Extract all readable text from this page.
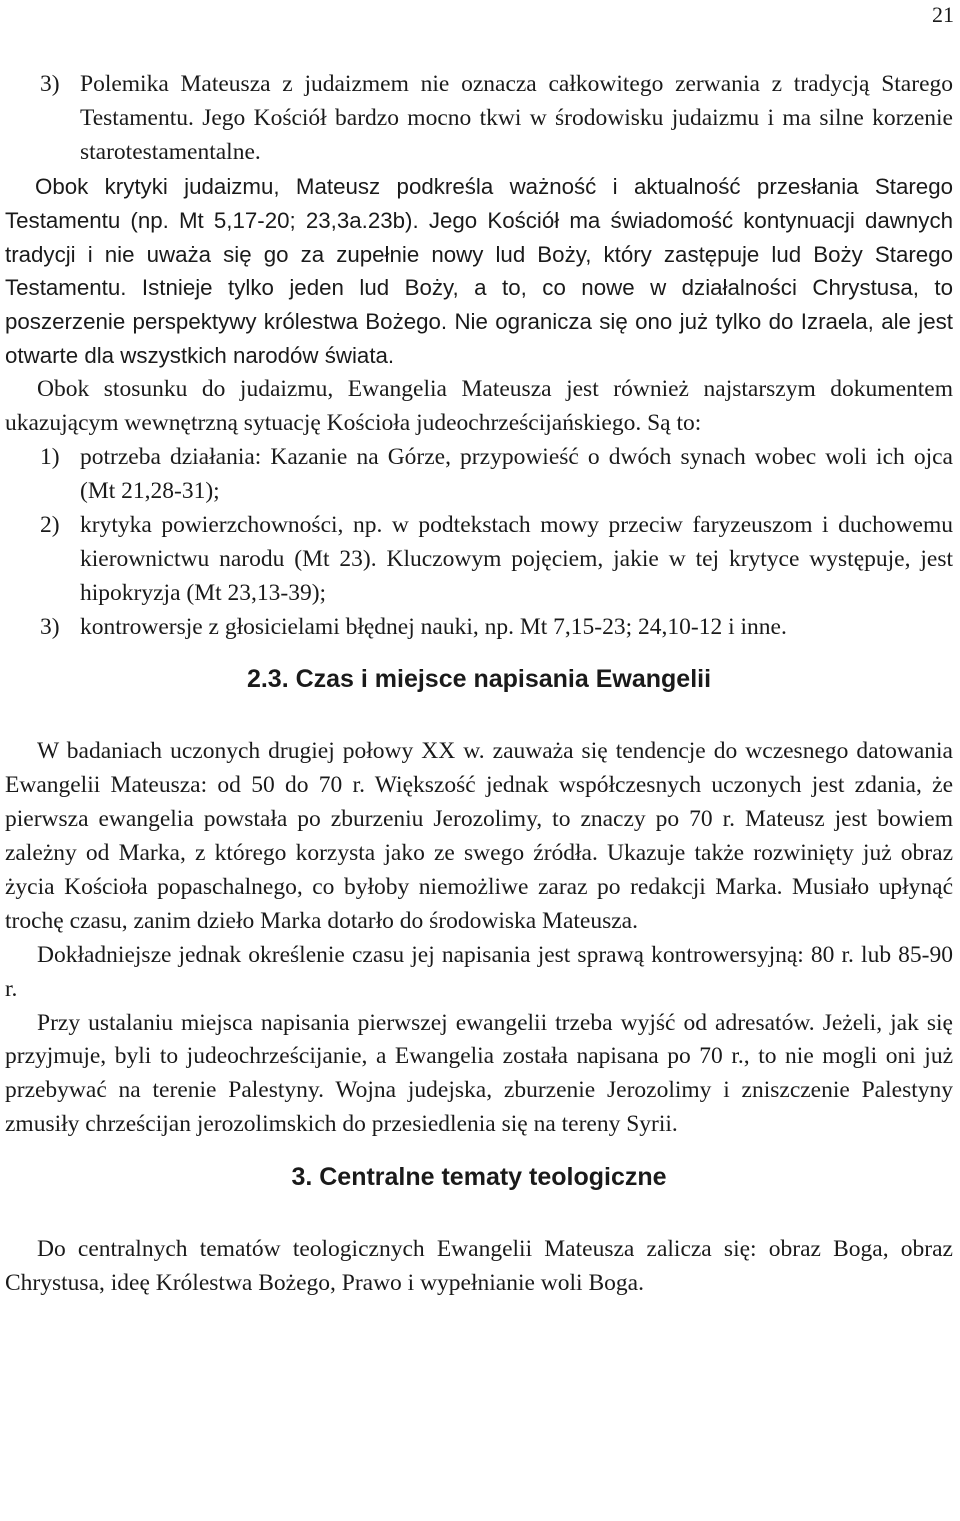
21
3) Polemika Mateusza z judaizmem nie oznacza całkowitego zerwania z tradycją Starego Testamentu. Jego Kościół bardzo mocno tkwi w środowisku judaizmu i ma silne korzenie starotestamentalne.

Obok krytyki judaizmu, Mateusz podkreśla ważność i aktualność przesłania Starego Testamentu (np. Mt 5,17-20; 23,3a.23b). Jego Kościół ma świadomość kontynuacji dawnych tradycji i nie uważa się go za zupełnie nowy lud Boży, który zastępuje lud Boży Starego Testamentu. Istnieje tylko jeden lud Boży, a to, co nowe w działalności Chrystusa, to poszerzenie perspektywy królestwa Bożego. Nie ogranicza się ono już tylko do Izraela, ale jest otwarte dla wszystkich narodów świata.

Obok stosunku do judaizmu, Ewangelia Mateusza jest również najstarszym dokumentem ukazującym wewnętrzną sytuację Kościoła judeochrześcijańskiego. Są to:

1) potrzeba działania: Kazanie na Górze, przypowieść o dwóch synach wobec woli ich ojca (Mt 21,28-31);
2) krytyka powierzchowności, np. w podtekstach mowy przeciw faryzeuszom i duchowemu kierownictwu narodu (Mt 23). Kluczowym pojęciem, jakie w tej krytyce występuje, jest hipokryzja (Mt 23,13-39);
3) kontrowersje z głosicielami błędnej nauki, np. Mt 7,15-23; 24,10-12 i inne.
2.3. Czas i miejsce napisania Ewangelii

W badaniach uczonych drugiej połowy XX w. zauważa się tendencje do wczesnego datowania Ewangelii Mateusza: od 50 do 70 r. Większość jednak współczesnych uczonych jest zdania, że pierwsza ewangelia powstała po zburzeniu Jerozolimy, to znaczy po 70 r. Mateusz jest bowiem zależny od Marka, z którego korzysta jako ze swego źródła. Ukazuje także rozwinięty już obraz życia Kościoła popaschalnego, co byłoby niemożliwe zaraz po redakcji Marka. Musiało upłynąć trochę czasu, zanim dzieło Marka dotarło do środowiska Mateusza.

Dokładniejsze jednak określenie czasu jej napisania jest sprawą kontrowersyjną: 80 r. lub 85-90 r.

Przy ustalaniu miejsca napisania pierwszej ewangelii trzeba wyjść od adresatów. Jeżeli, jak się przyjmuje, byli to judeochrześcijanie, a Ewangelia została napisana po 70 r., to nie mogli oni już przebywać na terenie Palestyny. Wojna judejska, zburzenie Jerozolimy i zniszczenie Palestyny zmusiły chrześcijan jerozolimskich do przesiedlenia się na tereny Syrii.

3. Centralne tematy teologiczne

Do centralnych tematów teologicznych Ewangelii Mateusza zalicza się: obraz Boga, obraz Chrystusa, ideę Królestwa Bożego, Prawo i wypełnianie woli Boga.
